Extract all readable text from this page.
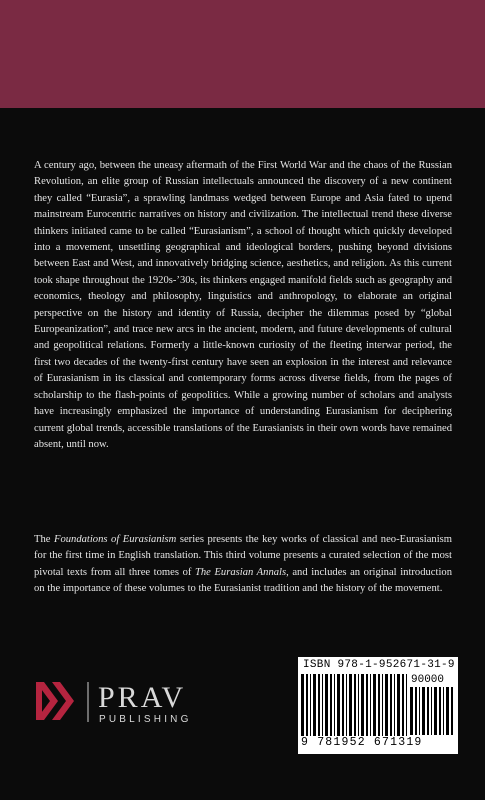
A century ago, between the uneasy aftermath of the First World War and the chaos of the Russian Revolution, an elite group of Russian intellectuals announced the discovery of a new continent they called “Eurasia”, a sprawling landmass wedged between Europe and Asia fated to upend mainstream Eurocentric narratives on history and civilization. The intellectual trend these diverse thinkers initiated came to be called “Eurasianism”, a school of thought which quickly developed into a movement, unsettling geographical and ideological borders, pushing beyond divisions between East and West, and innovatively bridging science, aesthetics, and religion. As this current took shape throughout the 1920s-’30s, its thinkers engaged manifold fields such as geography and economics, theology and philosophy, linguistics and anthropology, to elaborate an original perspective on the history and identity of Russia, decipher the dilemmas posed by “global Europeanization”, and trace new arcs in the ancient, modern, and future developments of cultural and geopolitical relations. Formerly a little-known curiosity of the fleeting interwar period, the first two decades of the twenty-first century have seen an explosion in the interest and relevance of Eurasianism in its classical and contemporary forms across diverse fields, from the pages of scholarship to the flash-points of geopolitics. While a growing number of scholars and analysts have increasingly emphasized the importance of understanding Eurasianism for deciphering current global trends, accessible translations of the Eurasianists in their own words have remained absent, until now.

The Foundations of Eurasianism series presents the key works of classical and neo-Eurasianism for the first time in English translation. This third volume presents a curated selection of the most pivotal texts from all three tomes of The Eurasian Annals, and includes an original introduction on the importance of these volumes to the Eurasianist tradition and the history of the movement.

PRAV
PUBLISHING
ISBN 978-1-952671-31-9
90000
9 781952 671319
